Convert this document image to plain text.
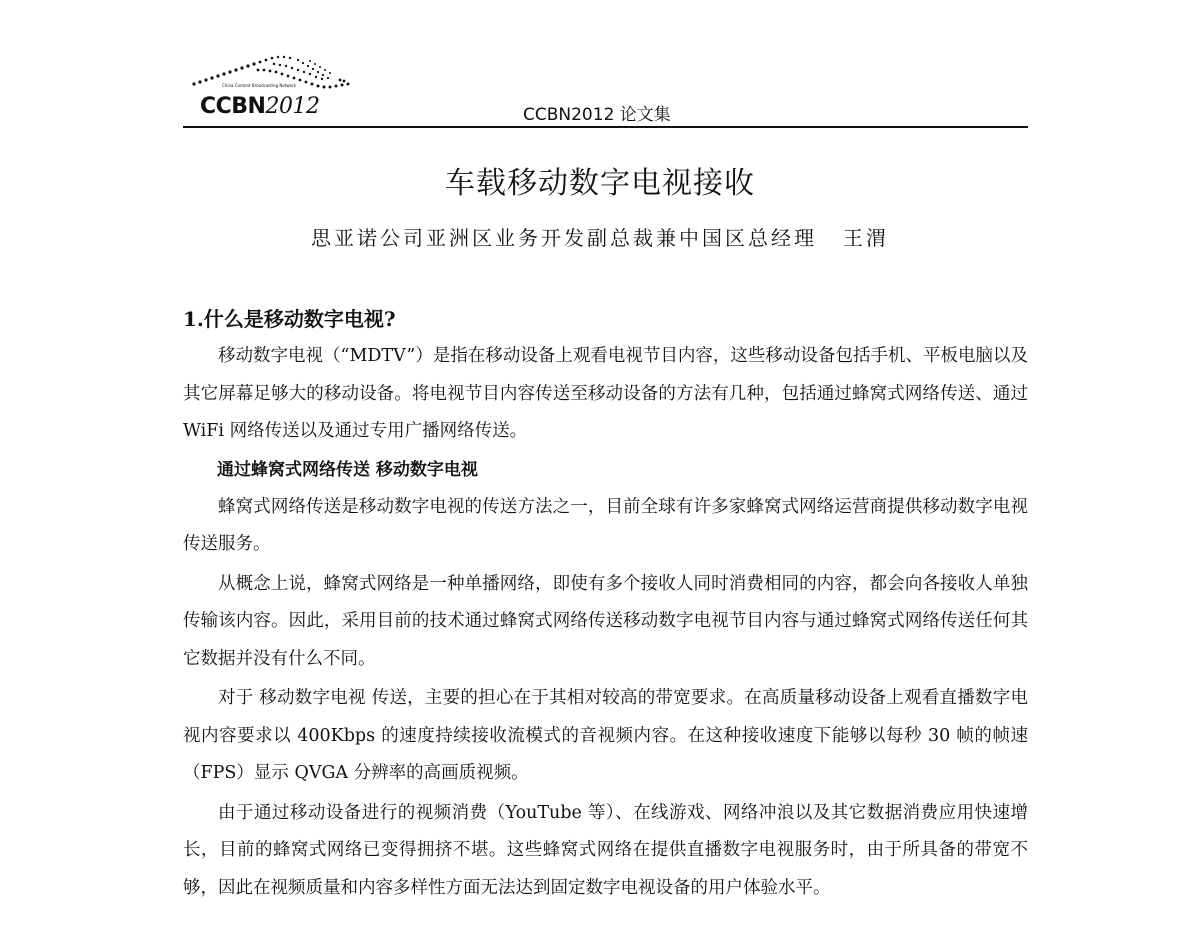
China Content Broadcasting Network
CCBN2012	CCBN2012 论文集
车载移动数字电视接收
思亚诺公司亚洲区业务开发副总裁兼中国区总经理 王渭
1.什么是移动数字电视?

移动数字电视（“MDTV”）是指在移动设备上观看电视节目内容，这些移动设备包括手机、平板电脑以及其它屏幕足够大的移动设备。将电视节目内容传送至移动设备的方法有几种，包括通过蜂窝式网络传送、通过 WiFi 网络传送以及通过专用广播网络传送。

通过蜂窝式网络传送 移动数字电视

蜂窝式网络传送是移动数字电视的传送方法之一，目前全球有许多家蜂窝式网络运营商提供移动数字电视传送服务。

从概念上说，蜂窝式网络是一种单播网络，即使有多个接收人同时消费相同的内容，都会向各接收人单独传输该内容。因此，采用目前的技术通过蜂窝式网络传送移动数字电视节目内容与通过蜂窝式网络传送任何其它数据并没有什么不同。

对于 移动数字电视 传送，主要的担心在于其相对较高的带宽要求。在高质量移动设备上观看直播数字电视内容要求以 400Kbps 的速度持续接收流模式的音视频内容。在这种接收速度下能够以每秒 30 帧的帧速（FPS）显示 QVGA 分辨率的高画质视频。

由于通过移动设备进行的视频消费（YouTube 等）、在线游戏、网络冲浪以及其它数据消费应用快速增长，目前的蜂窝式网络已变得拥挤不堪。这些蜂窝式网络在提供直播数字电视服务时，由于所具备的带宽不够，因此在视频质量和内容多样性方面无法达到固定数字电视设备的用户体验水平。
